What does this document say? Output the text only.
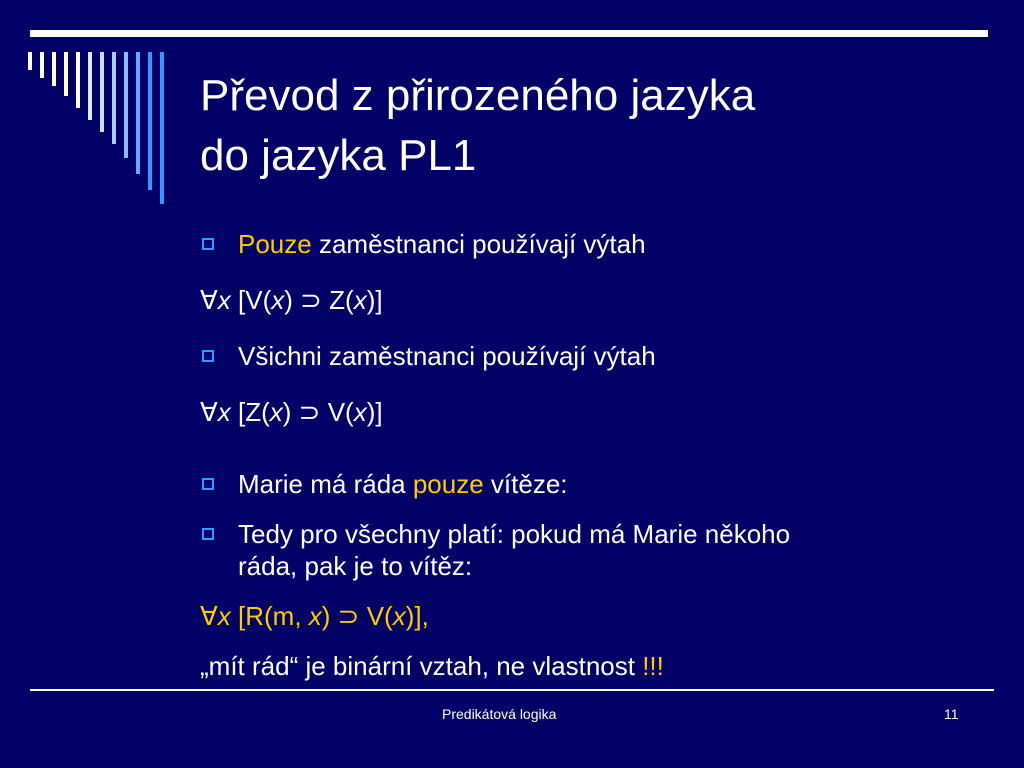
Převod z přirozeného jazyka
do jazyka PL1
Pouze zaměstnanci používají výtah
∀x [V(x) ⊃ Z(x)]
Všichni zaměstnanci používají výtah
∀x [Z(x) ⊃ V(x)]
Marie má ráda pouze vítěze:
Tedy pro všechny platí: pokud má Marie někoho
ráda, pak je to vítěz:
∀x [R(m, x) ⊃ V(x)],
„mít rád“ je binární vztah, ne vlastnost !!!
Predikátová logika	11
